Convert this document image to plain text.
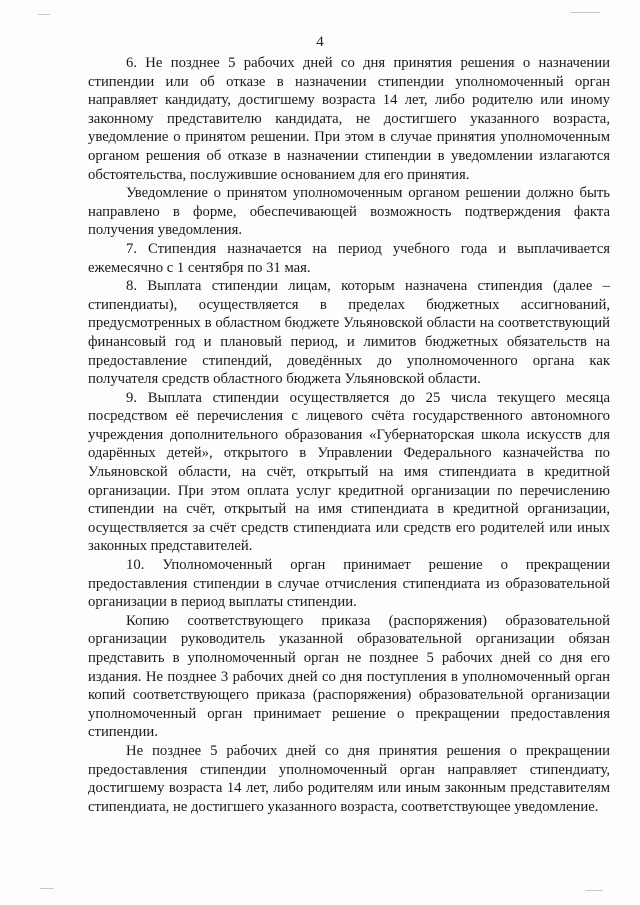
4

6. Не позднее 5 рабочих дней со дня принятия решения о назначении стипендии или об отказе в назначении стипендии уполномоченный орган направляет кандидату, достигшему возраста 14 лет, либо родителю или иному законному представителю кандидата, не достигшего указанного возраста, уведомление о принятом решении. При этом в случае принятия уполномоченным органом решения об отказе в назначении стипендии в уведомлении излагаются обстоятельства, послужившие основанием для его принятия.

Уведомление о принятом уполномоченным органом решении должно быть направлено в форме, обеспечивающей возможность подтверждения факта получения уведомления.

7. Стипендия назначается на период учебного года и выплачивается ежемесячно с 1 сентября по 31 мая.

8. Выплата стипендии лицам, которым назначена стипендия (далее – стипендиаты), осуществляется в пределах бюджетных ассигнований, предусмотренных в областном бюджете Ульяновской области на соответствующий финансовый год и плановый период, и лимитов бюджетных обязательств на предоставление стипендий, доведённых до уполномоченного органа как получателя средств областного бюджета Ульяновской области.

9. Выплата стипендии осуществляется до 25 числа текущего месяца посредством её перечисления с лицевого счёта государственного автономного учреждения дополнительного образования «Губернаторская школа искусств для одарённых детей», открытого в Управлении Федерального казначейства по Ульяновской области, на счёт, открытый на имя стипендиата в кредитной организации. При этом оплата услуг кредитной организации по перечислению стипендии на счёт, открытый на имя стипендиата в кредитной организации, осуществляется за счёт средств стипендиата или средств его родителей или иных законных представителей.

10. Уполномоченный орган принимает решение о прекращении предоставления стипендии в случае отчисления стипендиата из образовательной организации в период выплаты стипендии.

Копию соответствующего приказа (распоряжения) образовательной организации руководитель указанной образовательной организации обязан представить в уполномоченный орган не позднее 5 рабочих дней со дня его издания. Не позднее 3 рабочих дней со дня поступления в уполномоченный орган копий соответствующего приказа (распоряжения) образовательной организации уполномоченный орган принимает решение о прекращении предоставления стипендии.

Не позднее 5 рабочих дней со дня принятия решения о прекращении предоставления стипендии уполномоченный орган направляет стипендиату, достигшему возраста 14 лет, либо родителям или иным законным представителям стипендиата, не достигшего указанного возраста, соответствующее уведомление.
